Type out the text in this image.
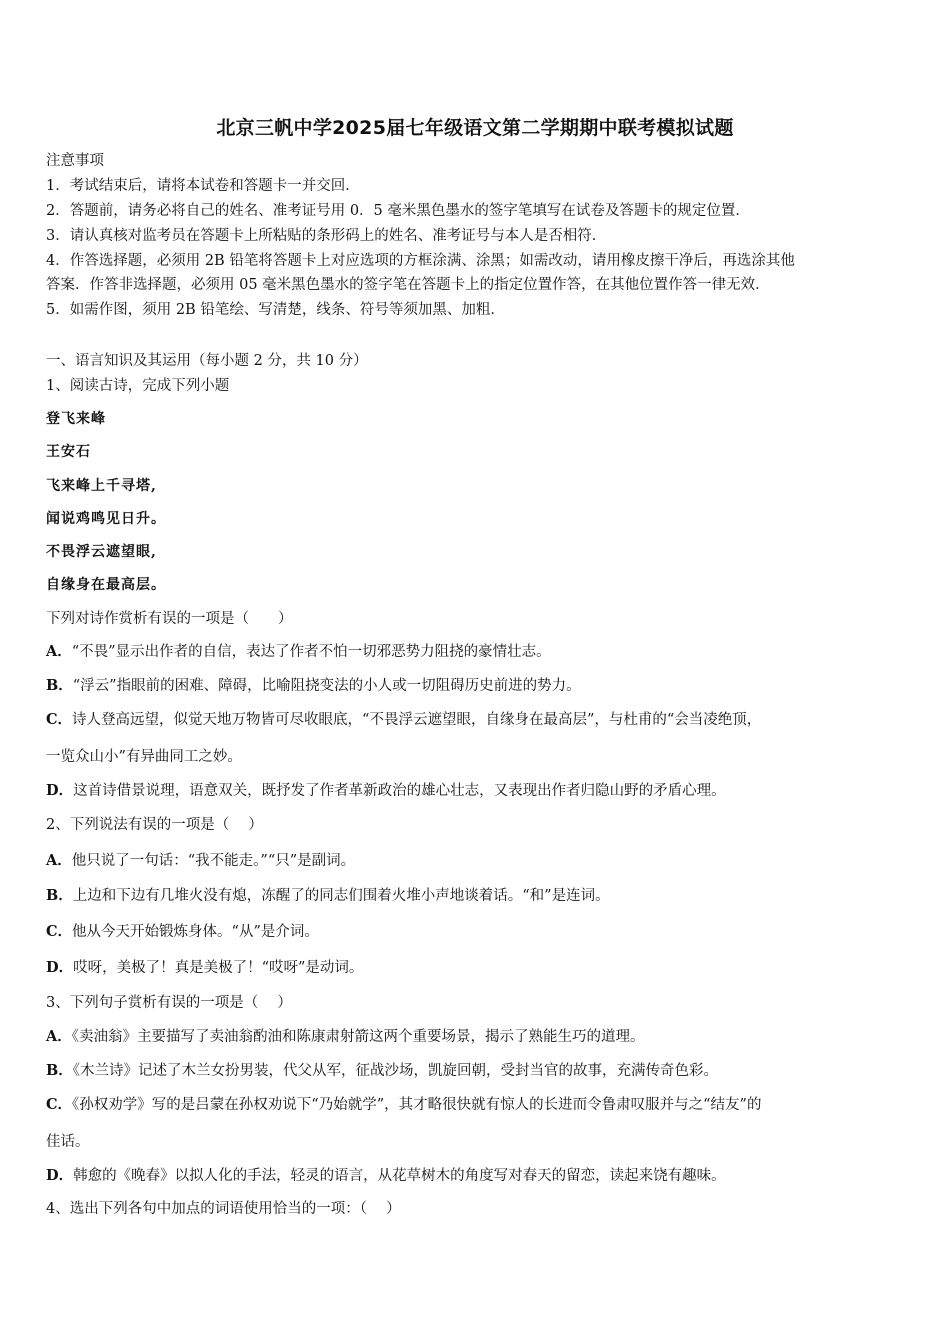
北京三帆中学2025届七年级语文第二学期期中联考模拟试题
注意事项
1．考试结束后，请将本试卷和答题卡一并交回．
2．答题前，请务必将自己的姓名、准考证号用 0．5 毫米黑色墨水的签字笔填写在试卷及答题卡的规定位置．
3．请认真核对监考员在答题卡上所粘贴的条形码上的姓名、准考证号与本人是否相符．
4．作答选择题，必须用 2B 铅笔将答题卡上对应选项的方框涂满、涂黑；如需改动，请用橡皮擦干净后，再选涂其他
答案．作答非选择题，必须用 05 毫米黑色墨水的签字笔在答题卡上的指定位置作答，在其他位置作答一律无效．
5．如需作图，须用 2B 铅笔绘、写清楚，线条、符号等须加黑、加粗．
一、语言知识及其运用（每小题 2 分，共 10 分）
1、阅读古诗，完成下列小题
登飞来峰
王安石
飞来峰上千寻塔,
闻说鸡鸣见日升。
不畏浮云遮望眼,
自缘身在最高层。
下列对诗作赏析有误的一项是（　　）
A．“不畏”显示出作者的自信，表达了作者不怕一切邪恶势力阻挠的豪情壮志。
B．“浮云”指眼前的困难、障碍，比喻阻挠变法的小人或一切阻碍历史前进的势力。
C．诗人登高远望，似觉天地万物皆可尽收眼底，“不畏浮云遮望眼，自缘身在最高层”，与杜甫的“会当凌绝顶，
一览众山小”有异曲同工之妙。
D．这首诗借景说理，语意双关，既抒发了作者革新政治的雄心壮志，又表现出作者归隐山野的矛盾心理。
2、下列说法有误的一项是（　 ）
A．他只说了一句话：“我不能走。”“只”是副词。
B．上边和下边有几堆火没有熄，冻醒了的同志们围着火堆小声地谈着话。“和”是连词。
C．他从今天开始锻炼身体。“从”是介词。
D．哎呀，美极了！真是美极了！“哎呀”是动词。
3、下列句子赏析有误的一项是（　 ）
A．《卖油翁》主要描写了卖油翁酌油和陈康肃射箭这两个重要场景，揭示了熟能生巧的道理。
B．《木兰诗》记述了木兰女扮男装，代父从军，征战沙场，凯旋回朝，受封当官的故事，充满传奇色彩。
C．《孙权劝学》写的是吕蒙在孙权劝说下“乃始就学”，其才略很快就有惊人的长进而令鲁肃叹服并与之“结友”的
佳话。
D．韩愈的《晚春》以拟人化的手法，轻灵的语言，从花草树木的角度写对春天的留恋，读起来饶有趣味。
4、选出下列各句中加点的词语使用恰当的一项：（　 ）
